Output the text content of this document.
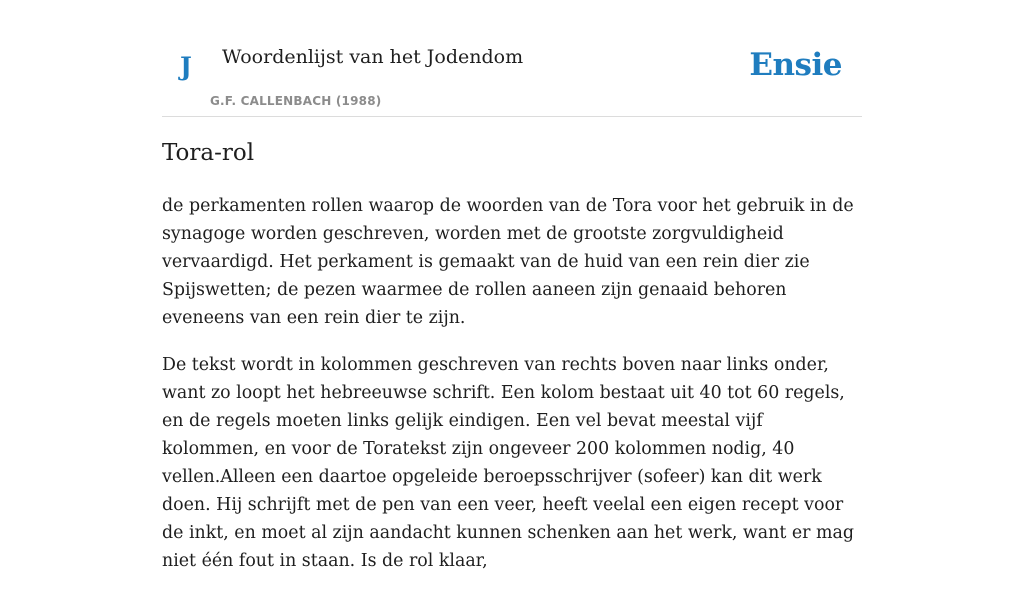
J Woordenlijst van het Jodendom
G.F. CALLENBACH (1988)
Ensie
Tora-rol

de perkamenten rollen waarop de woorden van de Tora voor het gebruik in de synagoge worden geschreven, worden met de grootste zorgvuldigheid vervaardigd. Het perkament is gemaakt van de huid van een rein dier zie Spijswetten; de pezen waarmee de rollen aaneen zijn genaaid behoren eveneens van een rein dier te zijn.

De tekst wordt in kolommen geschreven van rechts boven naar links onder, want zo loopt het hebreeuwse schrift. Een kolom bestaat uit 40 tot 60 regels, en de regels moeten links gelijk eindigen. Een vel bevat meestal vijf kolommen, en voor de Toratekst zijn ongeveer 200 kolommen nodig, 40 vellen.Alleen een daartoe opgeleide beroepsschrijver (sofeer) kan dit werk doen. Hij schrijft met de pen van een veer, heeft veelal een eigen recept voor de inkt, en moet al zijn aandacht kunnen schenken aan het werk, want er mag niet één fout in staan. Is de rol klaar,
